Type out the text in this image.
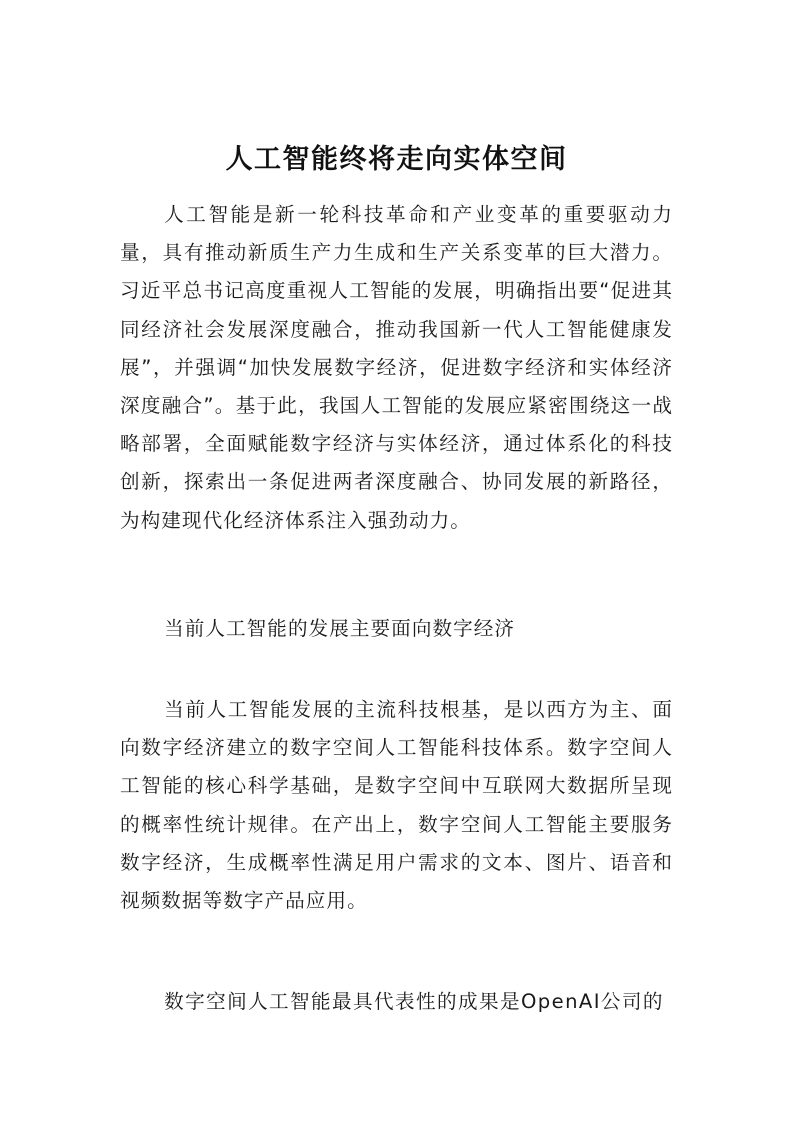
人工智能终将走向实体空间

人工智能是新一轮科技革命和产业变革的重要驱动力量，具有推动新质生产力生成和生产关系变革的巨大潜力。习近平总书记高度重视人工智能的发展，明确指出要“促进其同经济社会发展深度融合，推动我国新一代人工智能健康发展”，并强调“加快发展数字经济，促进数字经济和实体经济深度融合”。基于此，我国人工智能的发展应紧密围绕这一战略部署，全面赋能数字经济与实体经济，通过体系化的科技创新，探索出一条促进两者深度融合、协同发展的新路径，为构建现代化经济体系注入强劲动力。

当前人工智能的发展主要面向数字经济

当前人工智能发展的主流科技根基，是以西方为主、面向数字经济建立的数字空间人工智能科技体系。数字空间人工智能的核心科学基础，是数字空间中互联网大数据所呈现的概率性统计规律。在产出上，数字空间人工智能主要服务数字经济，生成概率性满足用户需求的文本、图片、语音和视频数据等数字产品应用。

数字空间人工智能最具代表性的成果是OpenAI公司的
